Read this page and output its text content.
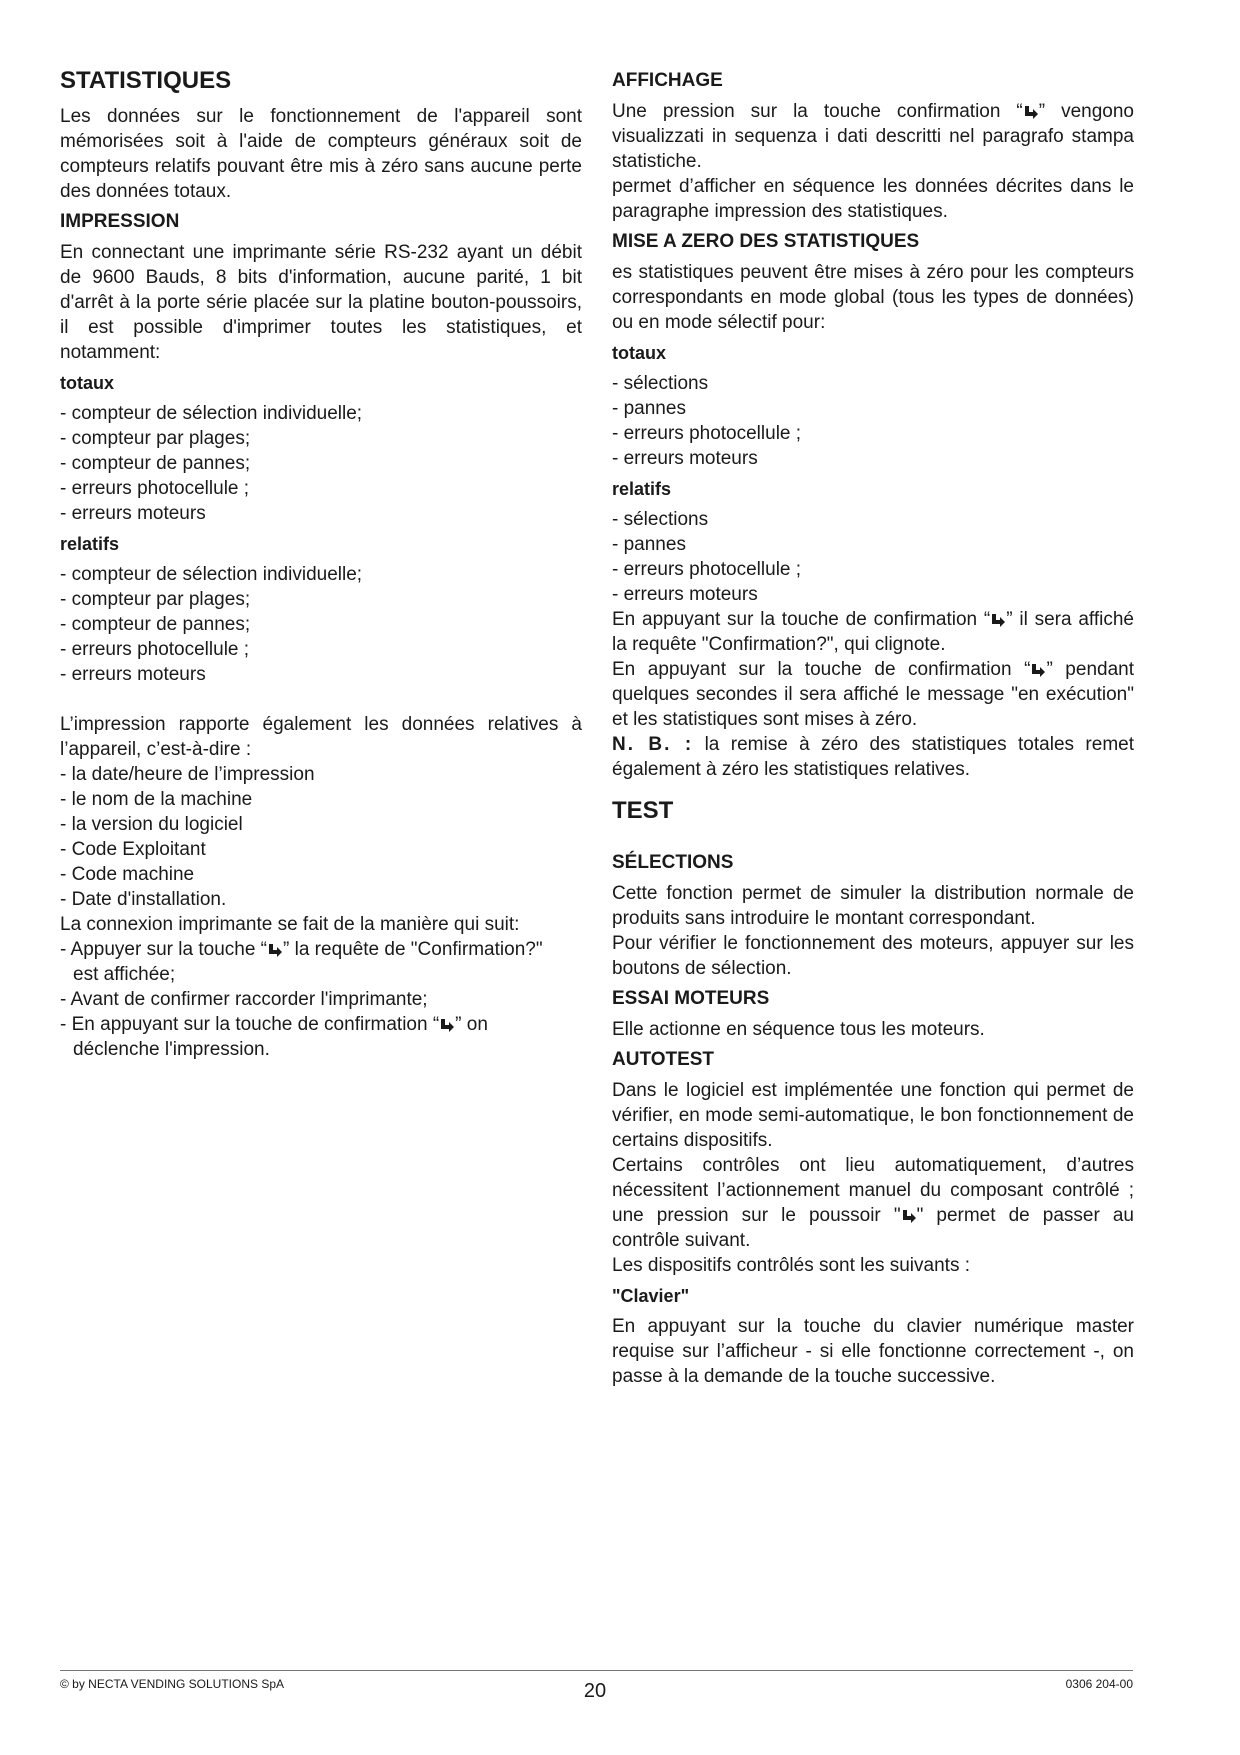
STATISTIQUES

Les données sur le fonctionnement de l'appareil sont mémorisées soit à l'aide de compteurs généraux soit de compteurs relatifs pouvant être mis à zéro sans aucune perte des données totaux.

IMPRESSION

En connectant une imprimante série RS-232 ayant un débit de 9600 Bauds, 8 bits d'information, aucune parité, 1 bit d'arrêt à la porte série placée sur la platine bouton-poussoirs, il est possible d'imprimer toutes les statistiques, et notamment:

totaux
- compteur de sélection individuelle;
- compteur par plages;
- compteur de pannes;
- erreurs photocellule ;
- erreurs moteurs
relatifs
- compteur de sélection individuelle;
- compteur par plages;
- compteur de pannes;
- erreurs photocellule ;
- erreurs moteurs

L’impression rapporte également les données relatives à l’appareil, c’est-à-dire :

- la date/heure de l’impression
- le nom de la machine
- la version du logiciel
- Code Exploitant
- Code machine
- Date d'installation.

La connexion imprimante se fait de la manière qui suit:

- Appuyer sur la touche “ ” la requête de "Confirmation?" est affichée;

- Avant de confirmer raccorder l'imprimante;

- En appuyant sur la touche de confirmation “ ” on déclenche l'impression.

AFFICHAGE

Une pression sur la touche confirmation “ ” vengono visualizzati in sequenza i dati descritti nel paragrafo stampa statistiche.

permet d’afficher en séquence les données décrites dans le paragraphe impression des statistiques.

MISE A ZERO DES STATISTIQUES

es statistiques peuvent être mises à zéro pour les compteurs correspondants en mode global (tous les types de données) ou en mode sélectif pour:

totaux
- sélections
- pannes
- erreurs photocellule ;
- erreurs moteurs
relatifs
- sélections
- pannes
- erreurs photocellule ;
- erreurs moteurs

En appuyant sur la touche de confirmation “ ” il sera affiché la requête "Confirmation?", qui clignote.

En appuyant sur la touche de confirmation “ ” pendant quelques secondes il sera affiché le message "en exécution" et les statistiques sont mises à zéro.

N. B. : la remise à zéro des statistiques totales remet également à zéro les statistiques relatives.

TEST
SÉLECTIONS

Cette fonction permet de simuler la distribution normale de produits sans introduire le montant correspondant.

Pour vérifier le fonctionnement des moteurs, appuyer sur les boutons de sélection.

ESSAI MOTEURS

Elle actionne en séquence tous les moteurs.

AUTOTEST

Dans le logiciel est implémentée une fonction qui permet de vérifier, en mode semi-automatique, le bon fonctionnement de certains dispositifs.

Certains contrôles ont lieu automatiquement, d’autres nécessitent l’actionnement manuel du composant contrôlé ; une pression sur le poussoir " " permet de passer au contrôle suivant.

Les dispositifs contrôlés sont les suivants :

"Clavier"

En appuyant sur la touche du clavier numérique master requise sur l’afficheur - si elle fonctionne correctement -, on passe à la demande de la touche successive.

© by NECTA VENDING SOLUTIONS SpA	20	0306 204-00
